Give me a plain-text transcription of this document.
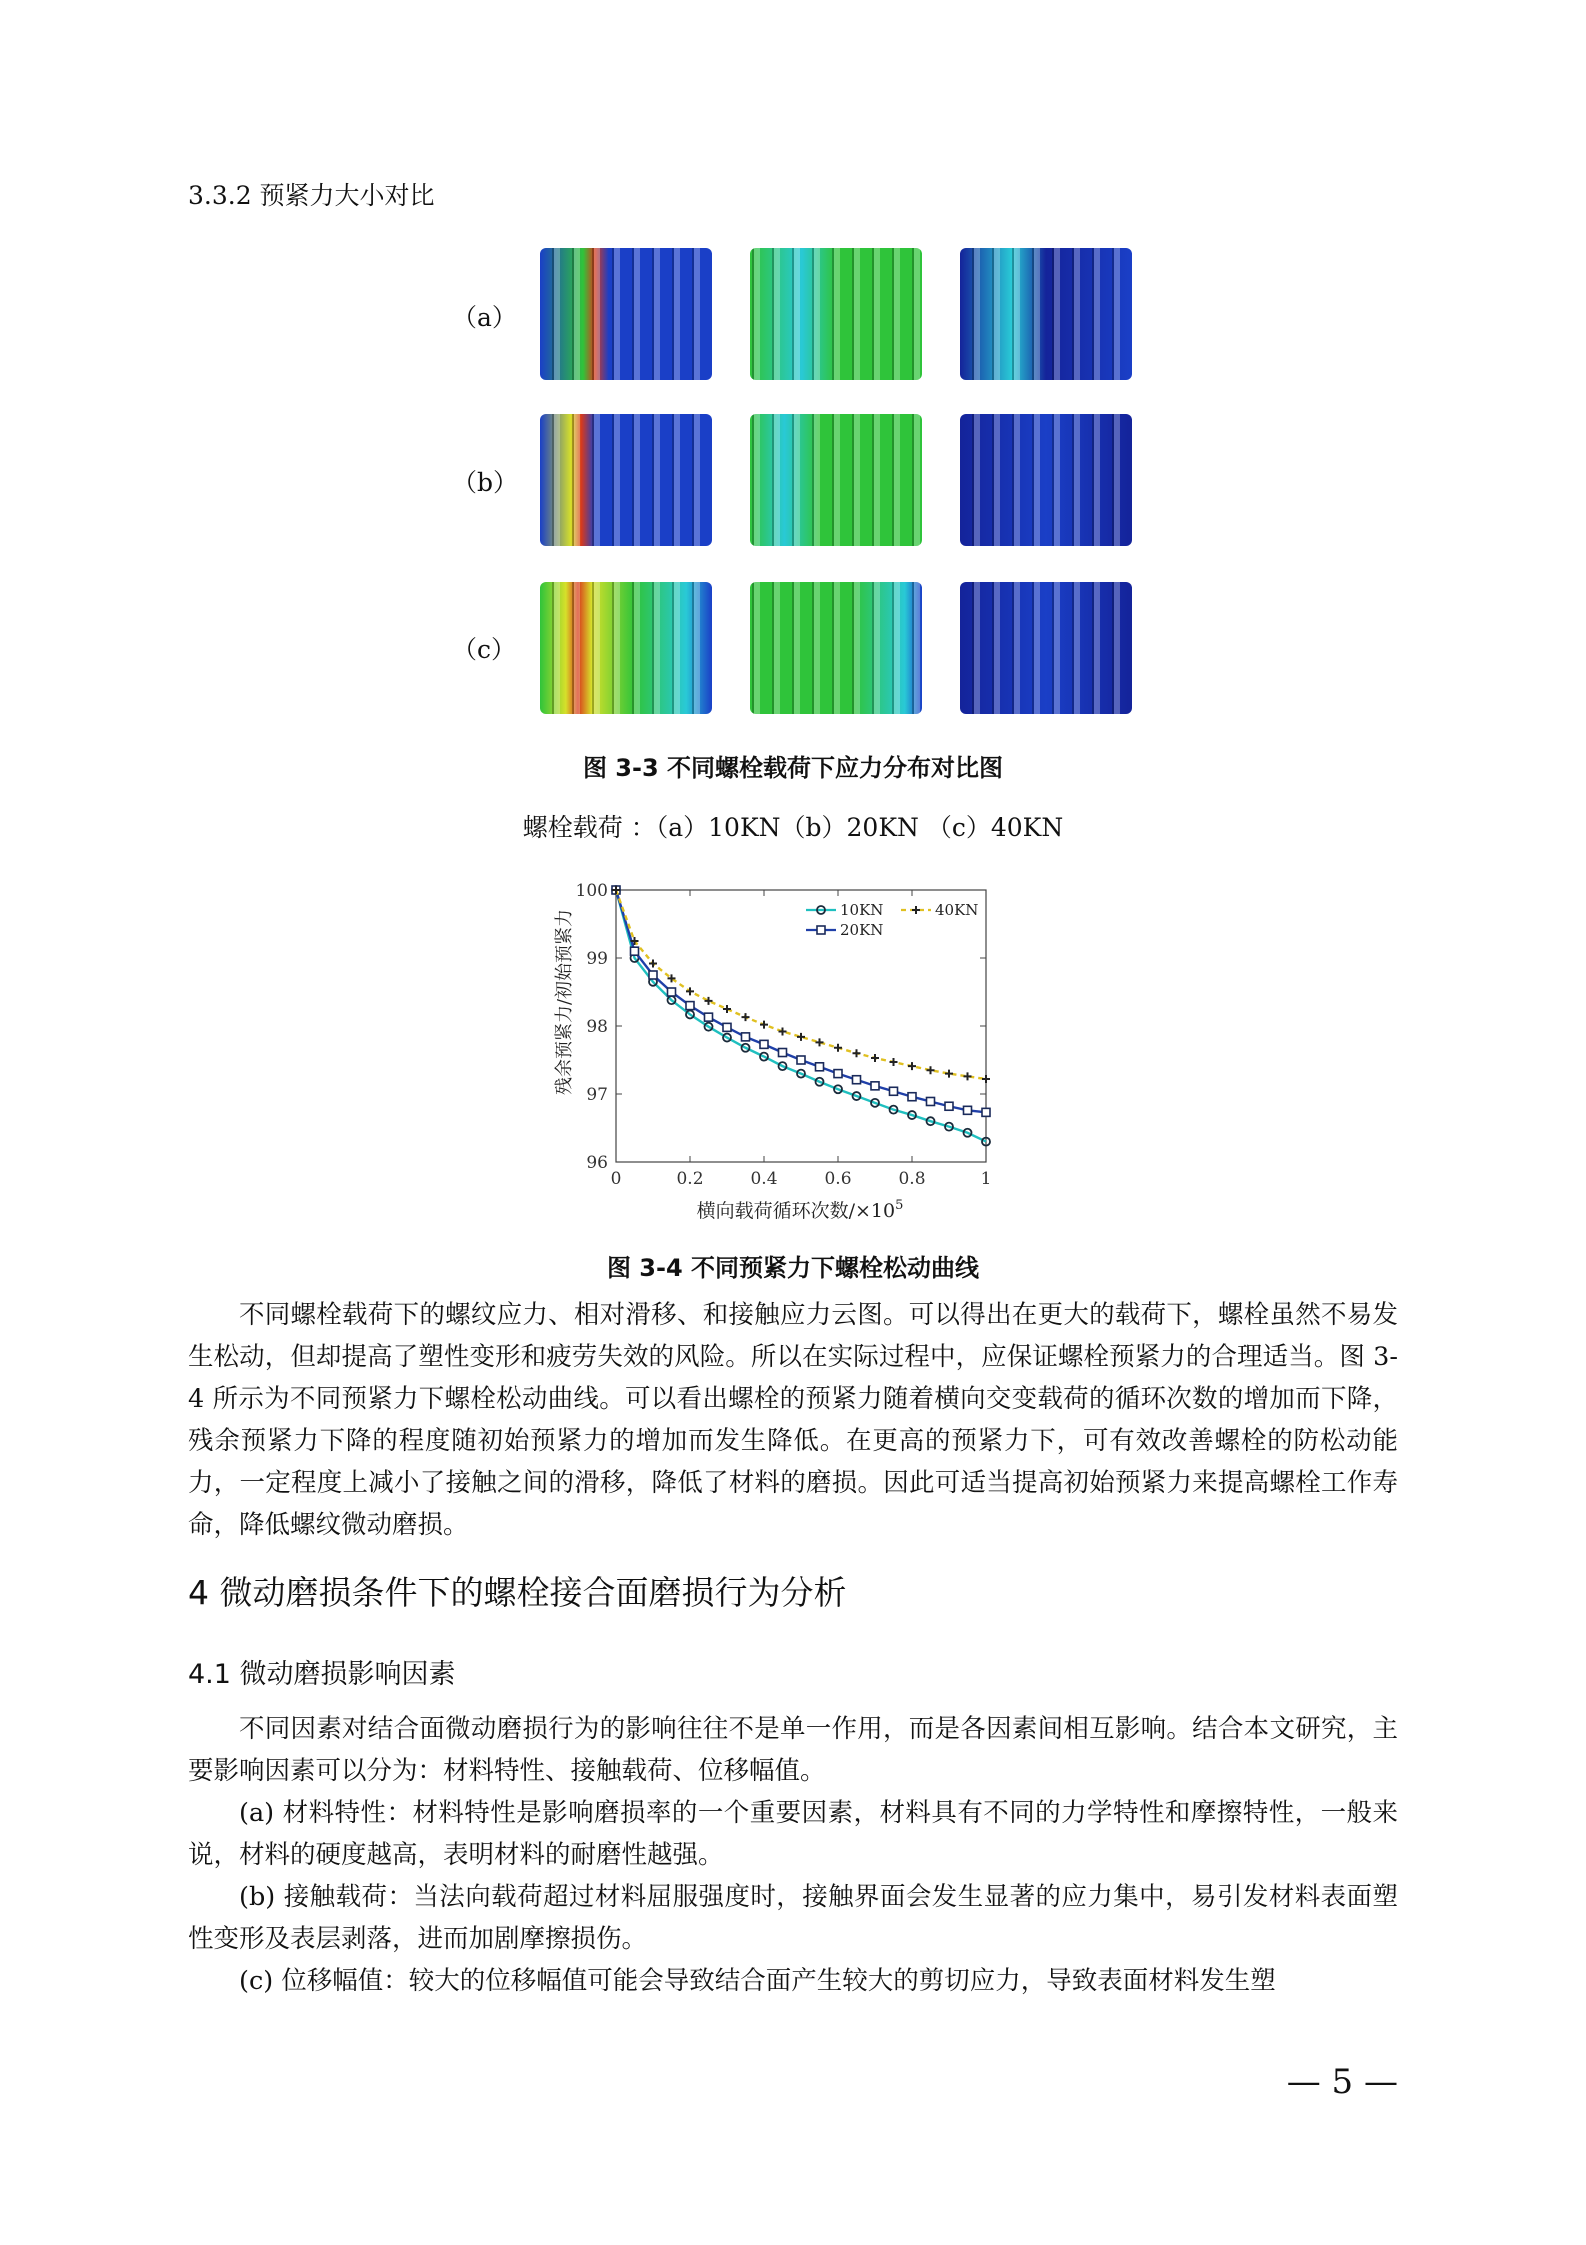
3.3.2 预紧力大小对比
（a）
（b）
（c）
图 3-3 不同螺栓载荷下应力分布对比图
螺栓载荷 ：（a）10KN（b）20KN （c）40KN
96
97
98
99
100
0	0.2	0.4	0.6	0.8	1
10KN	40KN
20KN
残余预紧力/初始预紧力
横向载荷循环次数$/\times 10^5$
图 3-4 不同预紧力下螺栓松动曲线

不同螺栓载荷下的螺纹应力、相对滑移、和接触应力云图。可以得出在更大的载荷下，螺栓虽然不易发生松动，但却提高了塑性变形和疲劳失效的风险。所以在实际过程中，应保证螺栓预紧力的合理适当。图 3-4 所示为不同预紧力下螺栓松动曲线。可以看出螺栓的预紧力随着横向交变载荷的循环次数的增加而下降，残余预紧力下降的程度随初始预紧力的增加而发生降低。在更高的预紧力下，可有效改善螺栓的防松动能力，一定程度上减小了接触之间的滑移，降低了材料的磨损。因此可适当提高初始预紧力来提高螺栓工作寿命，降低螺纹微动磨损。

4 微动磨损条件下的螺栓接合面磨损行为分析
4.1 微动磨损影响因素

不同因素对结合面微动磨损行为的影响往往不是单一作用，而是各因素间相互影响。结合本文研究，主要影响因素可以分为：材料特性、接触载荷、位移幅值。

(a) 材料特性：材料特性是影响磨损率的一个重要因素，材料具有不同的力学特性和摩擦特性，一般来说，材料的硬度越高，表明材料的耐磨性越强。

(b) 接触载荷：当法向载荷超过材料屈服强度时，接触界面会发生显著的应力集中，易引发材料表面塑性变形及表层剥落，进而加剧摩擦损伤。

(c) 位移幅值：较大的位移幅值可能会导致结合面产生较大的剪切应力，导致表面材料发生塑

— 5 —
